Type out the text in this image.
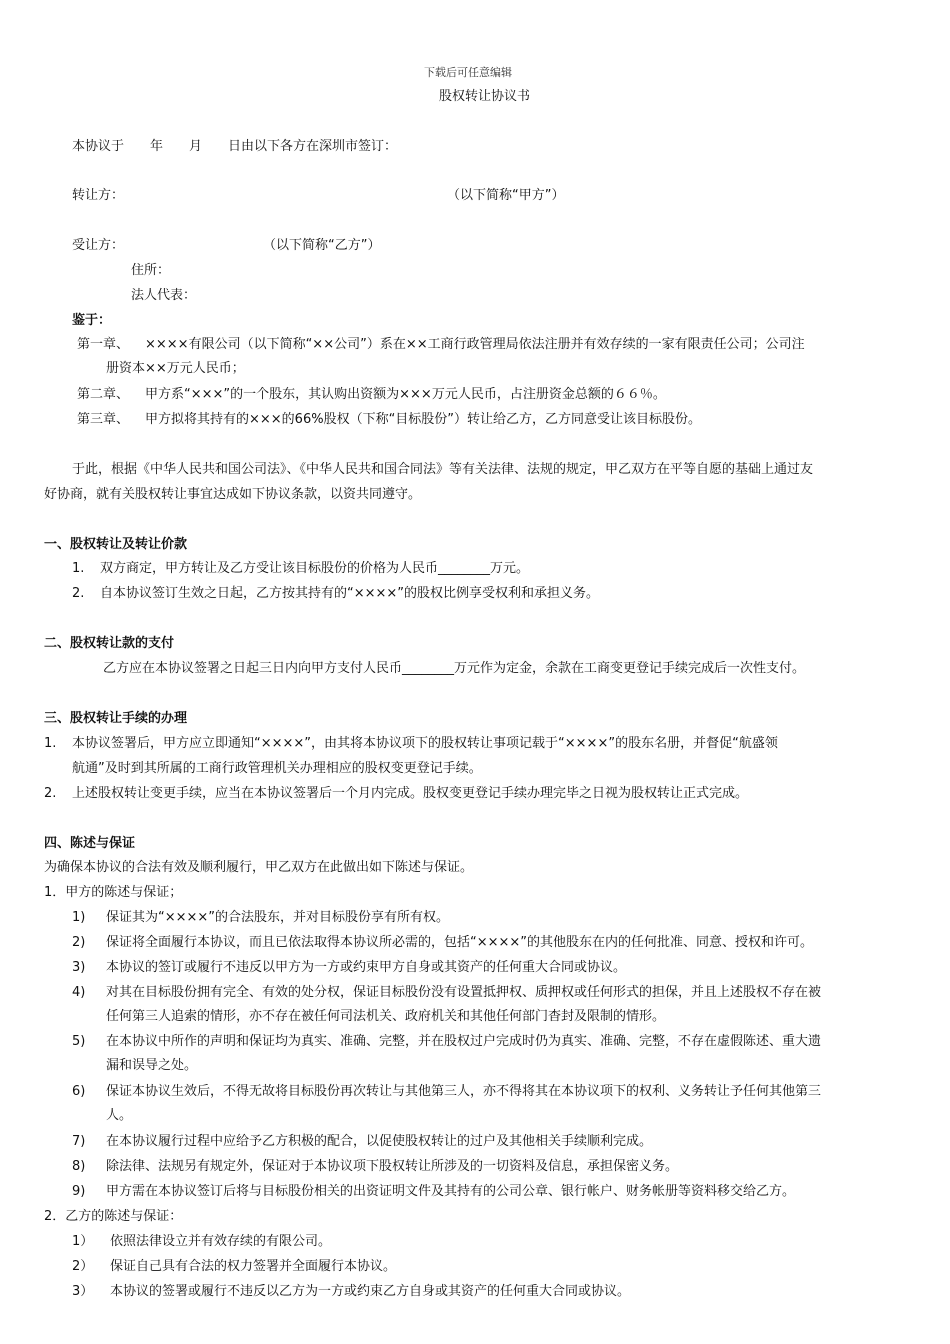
下载后可任意编辑
股权转让协议书
本协议于　　年　　月　　日由以下各方在深圳市签订：
转让方：	（以下简称“甲方”）
受让方：	（以下简称“乙方”）
住所：
法人代表：
鉴于：
第一章、 ××××有限公司（以下简称“××公司”）系在××工商行政管理局依法注册并有效存续的一家有限责任公司；公司注
册资本××万元人民币；
第二章、 甲方系“×××”的一个股东，其认购出资额为×××万元人民币，占注册资金总额的６６％。
第三章、 甲方拟将其持有的×××的66%股权（下称“目标股份”）转让给乙方，乙方同意受让该目标股份。
于此，根据《中华人民共和国公司法》、《中华人民共和国合同法》等有关法律、法规的规定，甲乙双方在平等自愿的基础上通过友
好协商，就有关股权转让事宜达成如下协议条款，以资共同遵守。
一、股权转让及转让价款
1. 双方商定，甲方转让及乙方受让该目标股份的价格为人民币________万元。
2. 自本协议签订生效之日起，乙方按其持有的“××××”的股权比例享受权利和承担义务。
二、股权转让款的支付
乙方应在本协议签署之日起三日内向甲方支付人民币________万元作为定金，余款在工商变更登记手续完成后一次性支付。
三、股权转让手续的办理
1. 本协议签署后，甲方应立即通知“××××”，由其将本协议项下的股权转让事项记载于“××××”的股东名册，并督促“航盛领
航通”及时到其所属的工商行政管理机关办理相应的股权变更登记手续。
2. 上述股权转让变更手续，应当在本协议签署后一个月内完成。股权变更登记手续办理完毕之日视为股权转让正式完成。
四、陈述与保证
为确保本协议的合法有效及顺利履行，甲乙双方在此做出如下陈述与保证。
1．甲方的陈述与保证；
1) 保证其为“××××”的合法股东，并对目标股份享有所有权。
2) 保证将全面履行本协议，而且已依法取得本协议所必需的，包括“××××”的其他股东在内的任何批准、同意、授权和许可。
3) 本协议的签订或履行不违反以甲方为一方或约束甲方自身或其资产的任何重大合同或协议。
4) 对其在目标股份拥有完全、有效的处分权，保证目标股份没有设置抵押权、质押权或任何形式的担保，并且上述股权不存在被
任何第三人追索的情形，亦不存在被任何司法机关、政府机关和其他任何部门杳封及限制的情形。
5) 在本协议中所作的声明和保证均为真实、准确、完整，并在股权过户完成时仍为真实、准确、完整，不存在虚假陈述、重大遗
漏和误导之处。
6) 保证本协议生效后，不得无故将目标股份再次转让与其他第三人，亦不得将其在本协议项下的权利、义务转让予任何其他第三
人。
7) 在本协议履行过程中应给予乙方积极的配合，以促使股权转让的过户及其他相关手续顺利完成。
8) 除法律、法规另有规定外，保证对于本协议项下股权转让所涉及的一切资料及信息，承担保密义务。
9) 甲方需在本协议签订后将与目标股份相关的出资证明文件及其持有的公司公章、银行帐户、财务帐册等资料移交给乙方。
2．乙方的陈述与保证：
1） 依照法律设立并有效存续的有限公司。
2） 保证自己具有合法的权力签署并全面履行本协议。
3） 本协议的签署或履行不违反以乙方为一方或约束乙方自身或其资产的任何重大合同或协议。
